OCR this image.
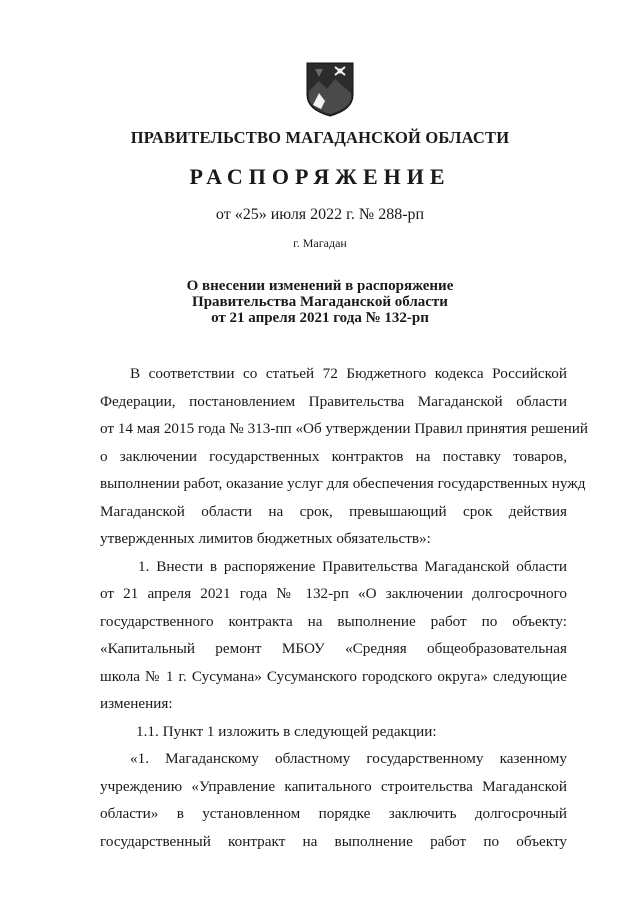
ПРАВИТЕЛЬСТВО МАГАДАНСКОЙ ОБЛАСТИ
РАСПОРЯЖЕНИЕ
от «25» июля 2022 г. № 288-рп
г. Магадан
О внесении изменений в распоряжение
Правительства Магаданской области
от 21 апреля 2021 года № 132-рп
В соответствии со статьей 72 Бюджетного кодекса Российской
Федерации, постановлением Правительства Магаданской области
от 14 мая 2015 года № 313-пп «Об утверждении Правил принятия решений
о заключении государственных контрактов на поставку товаров,
выполнении работ, оказание услуг для обеспечения государственных нужд
Магаданской области на срок, превышающий срок действия
утвержденных лимитов бюджетных обязательств»:
1. Внести в распоряжение Правительства Магаданской области
от 21 апреля 2021 года № 132-рп «О заключении долгосрочного
государственного контракта на выполнение работ по объекту:
«Капитальный ремонт МБОУ «Средняя общеобразовательная
школа № 1 г. Сусумана» Сусуманского городского округа» следующие
изменения:
1.1. Пункт 1 изложить в следующей редакции:
«1. Магаданскому областному государственному казенному
учреждению «Управление капитального строительства Магаданской
области» в установленном порядке заключить долгосрочный
государственный контракт на выполнение работ по объекту
